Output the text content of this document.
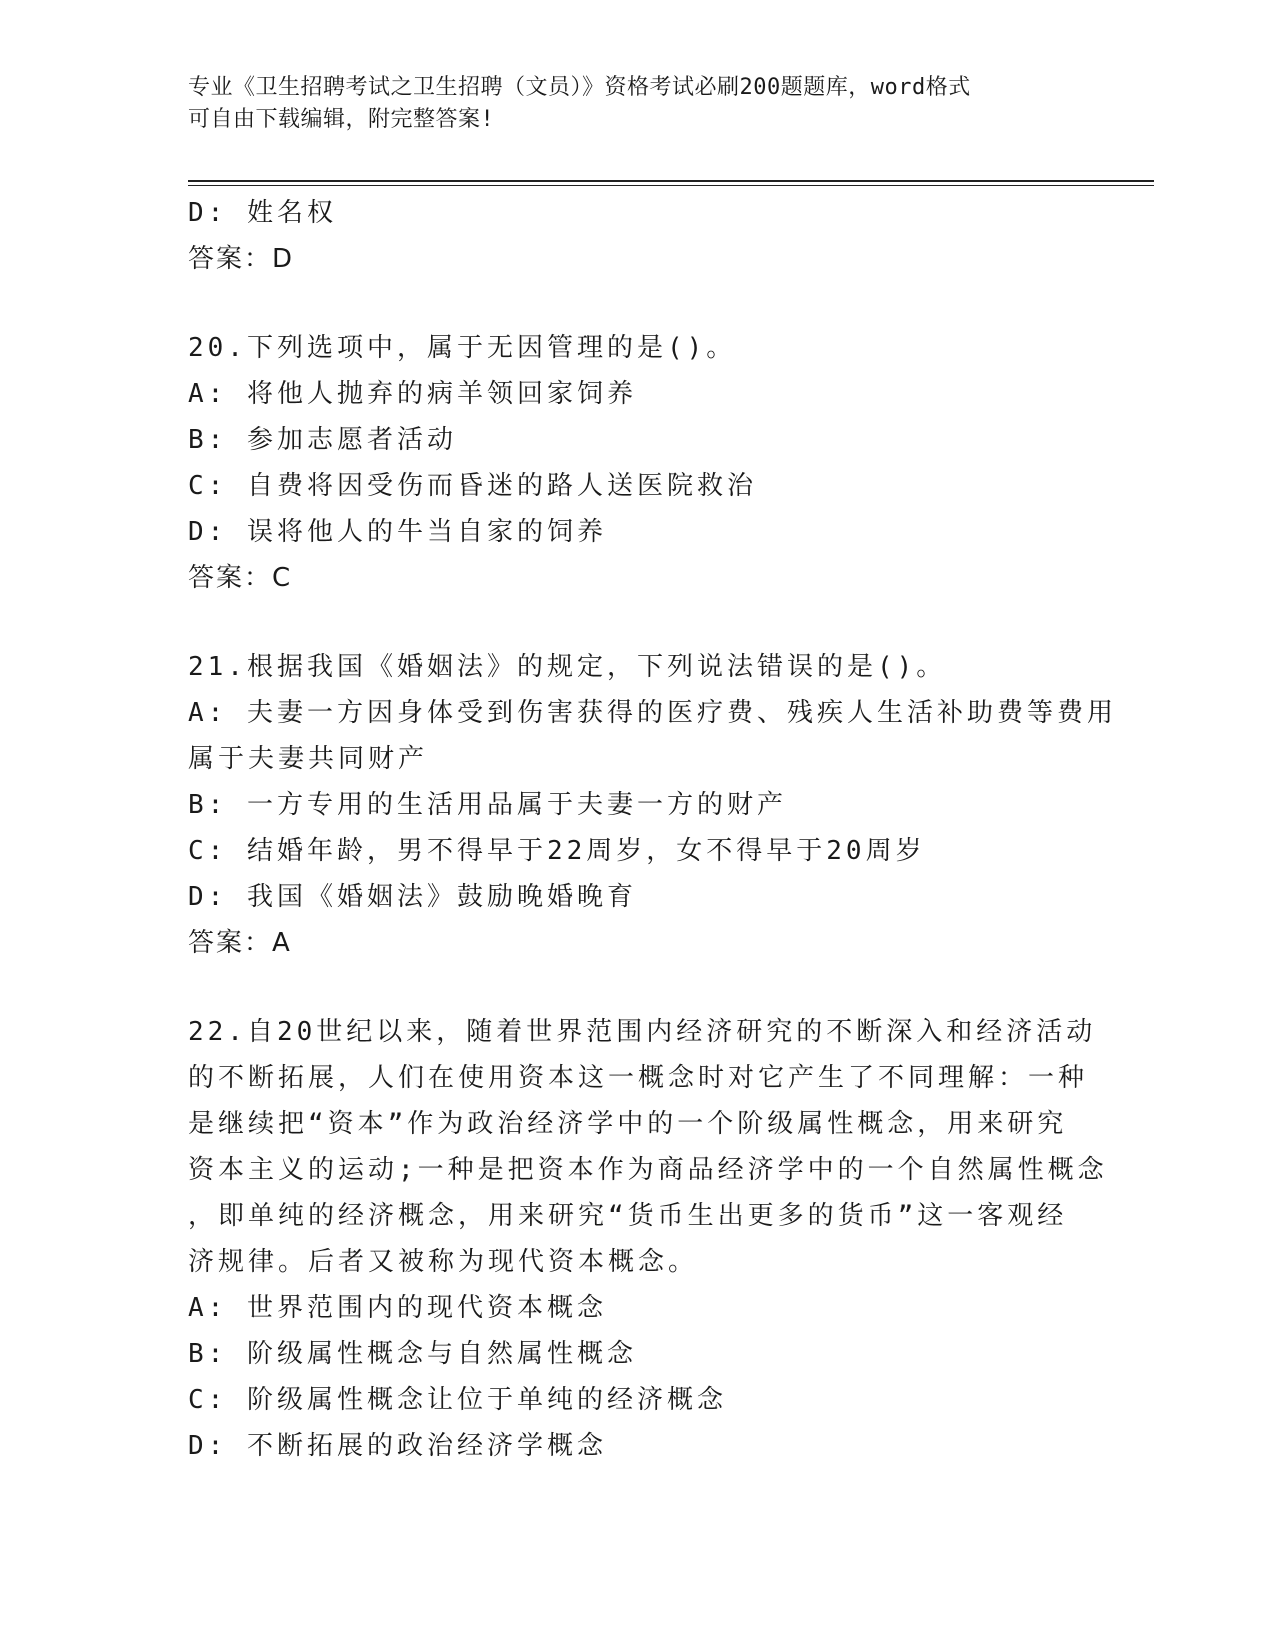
专业《卫生招聘考试之卫生招聘（文员）》资格考试必刷200题题库，word格式
可自由下载编辑，附完整答案!
D: 姓名权
答案：D
20.下列选项中，属于无因管理的是()。
A: 将他人抛弃的病羊领回家饲养
B: 参加志愿者活动
C: 自费将因受伤而昏迷的路人送医院救治
D: 误将他人的牛当自家的饲养
答案：C
21.根据我国《婚姻法》的规定，下列说法错误的是()。
A: 夫妻一方因身体受到伤害获得的医疗费、残疾人生活补助费等费用
属于夫妻共同财产
B: 一方专用的生活用品属于夫妻一方的财产
C: 结婚年龄，男不得早于22周岁，女不得早于20周岁
D: 我国《婚姻法》鼓励晚婚晚育
答案：A
22.自20世纪以来，随着世界范围内经济研究的不断深入和经济活动
的不断拓展，人们在使用资本这一概念时对它产生了不同理解：一种
是继续把“资本”作为政治经济学中的一个阶级属性概念，用来研究
资本主义的运动;一种是把资本作为商品经济学中的一个自然属性概念
，即单纯的经济概念，用来研究“货币生出更多的货币”这一客观经
济规律。后者又被称为现代资本概念。
A: 世界范围内的现代资本概念
B: 阶级属性概念与自然属性概念
C: 阶级属性概念让位于单纯的经济概念
D: 不断拓展的政治经济学概念
